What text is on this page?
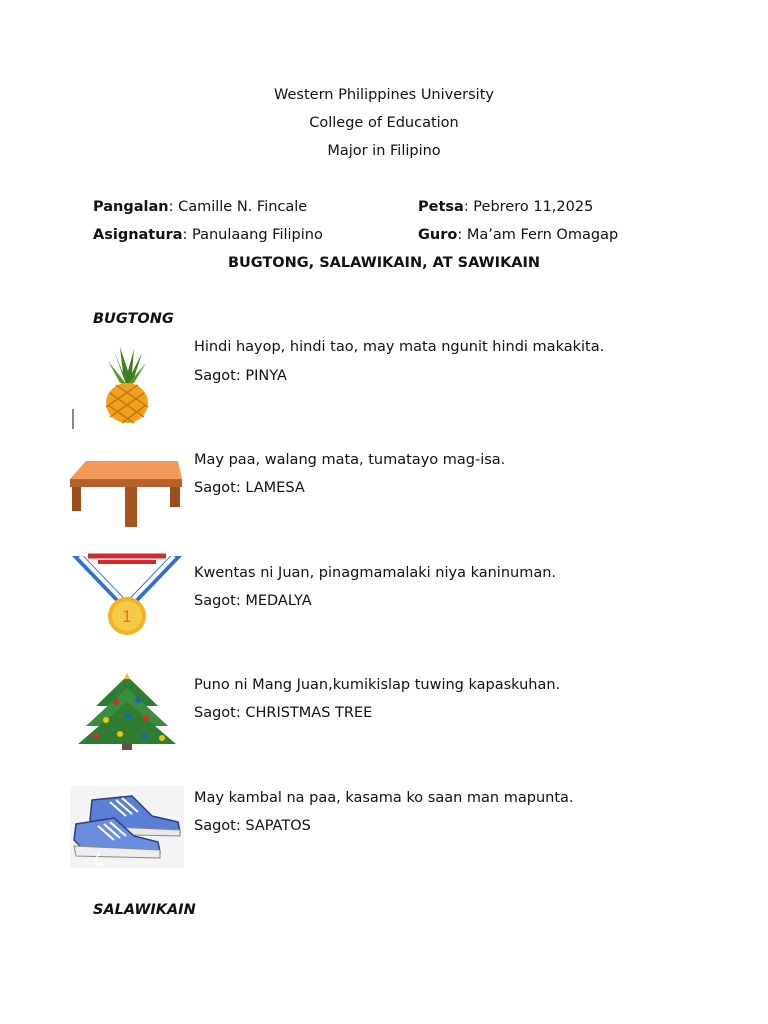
Western Philippines University
College of Education
Major in Filipino
Pangalan: Camille N. Fincale	Petsa: Pebrero 11,2025
Asignatura: Panulaang Filipino	Guro: Ma’am Fern Omagap
BUGTONG, SALAWIKAIN, AT SAWIKAIN
BUGTONG
Hindi hayop, hindi tao, may mata ngunit hindi makakita.
Sagot: PINYA
May paa, walang mata, tumatayo mag-isa.
Sagot: LAMESA
1
Kwentas ni Juan, pinagmamalaki niya kaninuman.
Sagot: MEDALYA
Puno ni Mang Juan,kumikislap tuwing kapaskuhan.
Sagot: CHRISTMAS TREE
May kambal na paa, kasama ko saan man mapunta.
Sagot: SAPATOS
SALAWIKAIN
